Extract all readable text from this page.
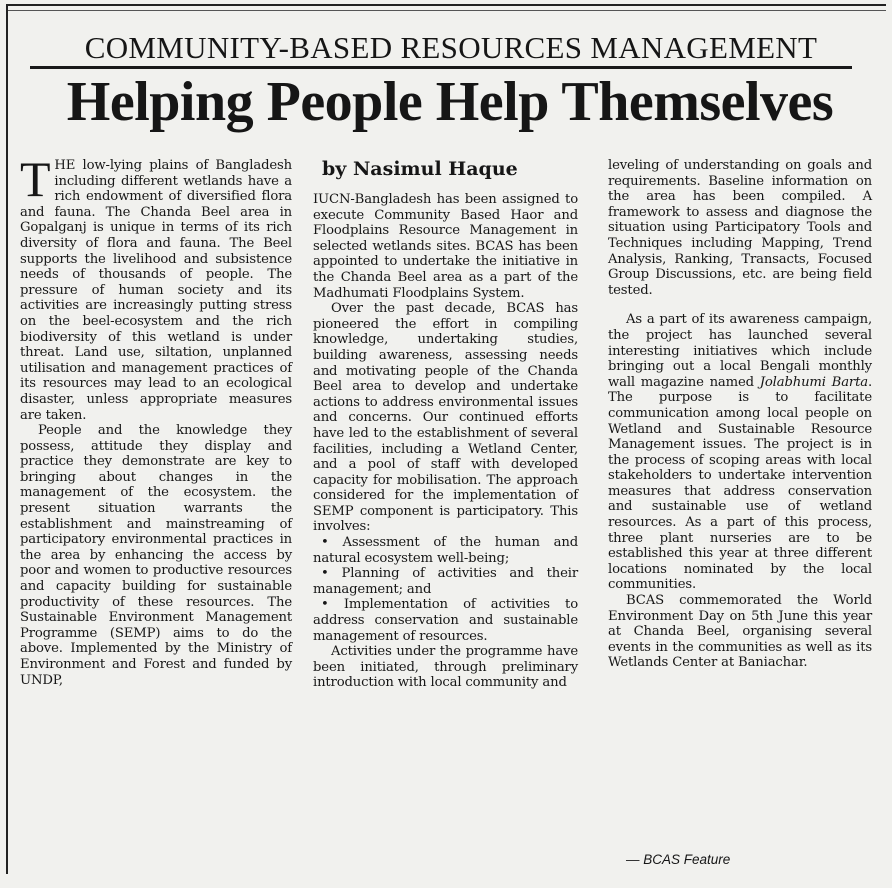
COMMUNITY-BASED RESOURCES MANAGEMENT
Helping People Help Themselves

THE low-lying plains of Bangladesh including different wetlands have a rich endowment of diversified flora and fauna. The Chanda Beel area in Gopalganj is unique in terms of its rich diversity of flora and fauna. The Beel supports the livelihood and subsistence needs of thousands of people. The pressure of human society and its activities are increasingly putting stress on the beel-ecosystem and the rich biodiversity of this wetland is under threat. Land use, siltation, unplanned utilisation and management practices of its resources may lead to an ecological disaster, unless appropriate measures are taken.

People and the knowledge they possess, attitude they display and practice they demonstrate are key to bringing about changes in the management of the ecosystem. the present situation warrants the establishment and mainstreaming of participatory environmental practices in the area by enhancing the access by poor and women to productive resources and capacity building for sustainable productivity of these resources. The Sustainable Environment Management Programme (SEMP) aims to do the above. Implemented by the Ministry of Environment and Forest and funded by UNDP,

by Nasimul Haque

IUCN-Bangladesh has been assigned to execute Community Based Haor and Floodplains Resource Management in selected wetlands sites. BCAS has been appointed to undertake the initiative in the Chanda Beel area as a part of the Madhumati Floodplains System.

Over the past decade, BCAS has pioneered the effort in compiling knowledge, undertaking studies, building awareness, assessing needs and motivating people of the Chanda Beel area to develop and undertake actions to address environmental issues and concerns. Our continued efforts have led to the establishment of several facilities, including a Wetland Center, and a pool of staff with developed capacity for mobilisation. The approach considered for the implementation of SEMP component is participatory. This involves:

• Assessment of the human and natural ecosystem well-being;

• Planning of activities and their management; and

• Implementation of activities to address conservation and sustainable management of resources.

Activities under the programme have been initiated, through preliminary introduction with local community and

leveling of understanding on goals and requirements. Baseline information on the area has been compiled. A framework to assess and diagnose the situation using Participatory Tools and Techniques including Mapping, Trend Analysis, Ranking, Transacts, Focused Group Discussions, etc. are being field tested.

As a part of its awareness campaign, the project has launched several interesting initiatives which include bringing out a local Bengali monthly wall magazine named Jolabhumi Barta. The purpose is to facilitate communication among local people on Wetland and Sustainable Resource Management issues. The project is in the process of scoping areas with local stakeholders to undertake intervention measures that address conservation and sustainable use of wetland resources. As a part of this process, three plant nurseries are to be established this year at three different locations nominated by the local communities.

BCAS commemorated the World Environment Day on 5th June this year at Chanda Beel, organising several events in the communities as well as its Wetlands Center at Baniachar.

— BCAS Feature
